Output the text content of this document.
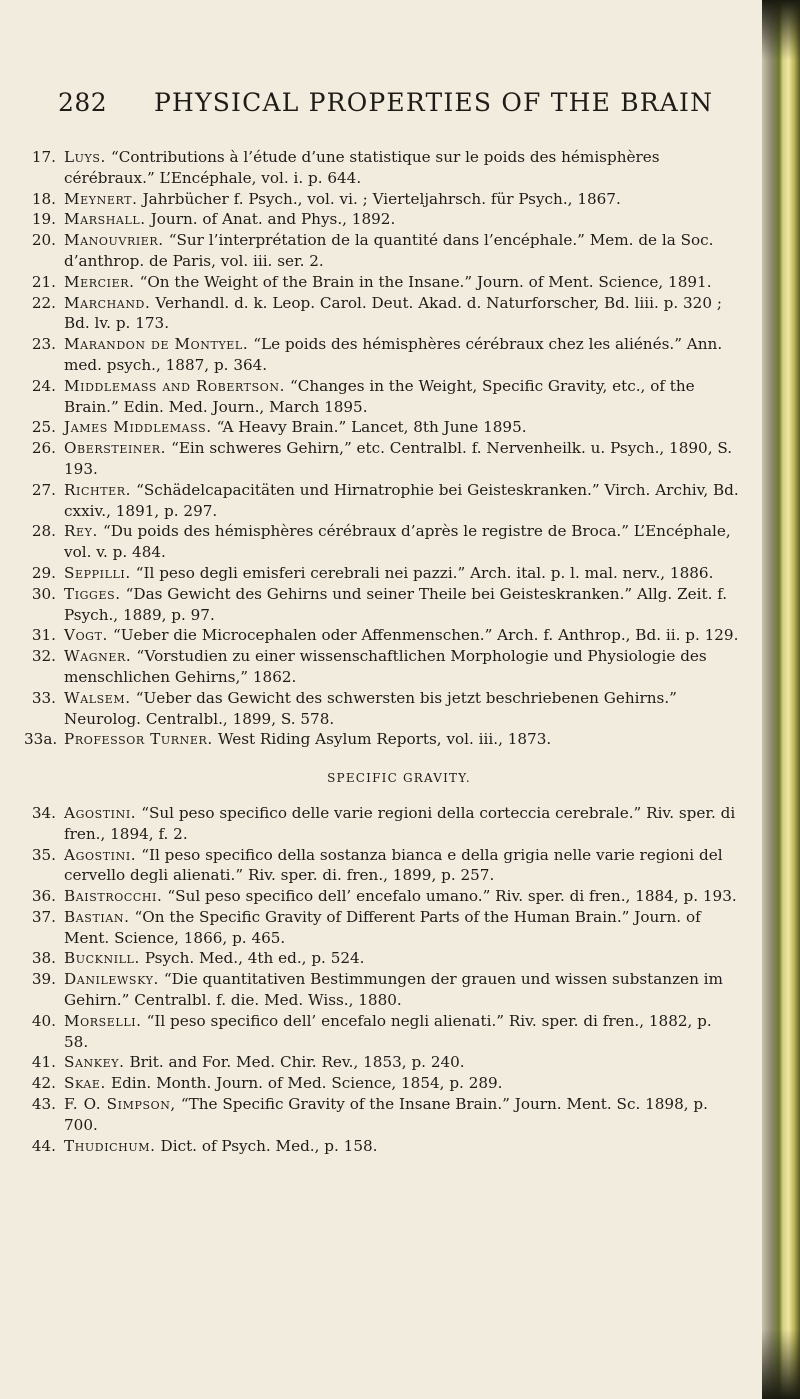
282 PHYSICAL PROPERTIES OF THE BRAIN
17. Luys. “Contributions à l’étude d’une statistique sur le poids des hémisphères cérébraux.” L’Encéphale, vol. i. p. 644.
18. Meynert. Jahrbücher f. Psych., vol. vi. ; Vierteljahrsch. für Psych., 1867.
19. Marshall. Journ. of Anat. and Phys., 1892.
20. Manouvrier. “Sur l’interprétation de la quantité dans l’encéphale.” Mem. de la Soc. d’anthrop. de Paris, vol. iii. ser. 2.
21. Mercier. “On the Weight of the Brain in the Insane.” Journ. of Ment. Science, 1891.
22. Marchand. Verhandl. d. k. Leop. Carol. Deut. Akad. d. Naturforscher, Bd. liii. p. 320 ; Bd. lv. p. 173.
23. Marandon de Montyel. “Le poids des hémisphères cérébraux chez les aliénés.” Ann. med. psych., 1887, p. 364.
24. Middlemass and Robertson. “Changes in the Weight, Specific Gravity, etc., of the Brain.” Edin. Med. Journ., March 1895.
25. James Middlemass. “A Heavy Brain.” Lancet, 8th June 1895.
26. Obersteiner. “Ein schweres Gehirn,” etc. Centralbl. f. Nervenheilk. u. Psych., 1890, S. 193.
27. Richter. “Schädelcapacitäten und Hirnatrophie bei Geisteskranken.” Virch. Archiv, Bd. cxxiv., 1891, p. 297.
28. Rey. “Du poids des hémisphères cérébraux d’après le registre de Broca.” L’Encéphale, vol. v. p. 484.
29. Seppilli. “Il peso degli emisferi cerebrali nei pazzi.” Arch. ital. p. l. mal. nerv., 1886.
30. Tigges. “Das Gewicht des Gehirns und seiner Theile bei Geisteskranken.” Allg. Zeit. f. Psych., 1889, p. 97.
31. Vogt. “Ueber die Microcephalen oder Affenmenschen.” Arch. f. Anthrop., Bd. ii. p. 129.
32. Wagner. “Vorstudien zu einer wissenschaftlichen Morphologie und Physiologie des menschlichen Gehirns,” 1862.
33. Walsem. “Ueber das Gewicht des schwersten bis jetzt beschriebenen Gehirns.” Neurolog. Centralbl., 1899, S. 578.
33a. Professor Turner. West Riding Asylum Reports, vol. iii., 1873.
SPECIFIC GRAVITY.
34. Agostini. “Sul peso specifico delle varie regioni della corteccia cerebrale.” Riv. sper. di fren., 1894, f. 2.
35. Agostini. “Il peso specifico della sostanza bianca e della grigia nelle varie regioni del cervello degli alienati.” Riv. sper. di. fren., 1899, p. 257.
36. Baistrocchi. “Sul peso specifico dell’ encefalo umano.” Riv. sper. di fren., 1884, p. 193.
37. Bastian. “On the Specific Gravity of Different Parts of the Human Brain.” Journ. of Ment. Science, 1866, p. 465.
38. Bucknill. Psych. Med., 4th ed., p. 524.
39. Danilewsky. “Die quantitativen Bestimmungen der grauen und wissen substanzen im Gehirn.” Centralbl. f. die. Med. Wiss., 1880.
40. Morselli. “Il peso specifico dell’ encefalo negli alienati.” Riv. sper. di fren., 1882, p. 58.
41. Sankey. Brit. and For. Med. Chir. Rev., 1853, p. 240.
42. Skae. Edin. Month. Journ. of Med. Science, 1854, p. 289.
43. F. O. Simpson, “The Specific Gravity of the Insane Brain.” Journ. Ment. Sc. 1898, p. 700.
44. Thudichum. Dict. of Psych. Med., p. 158.
